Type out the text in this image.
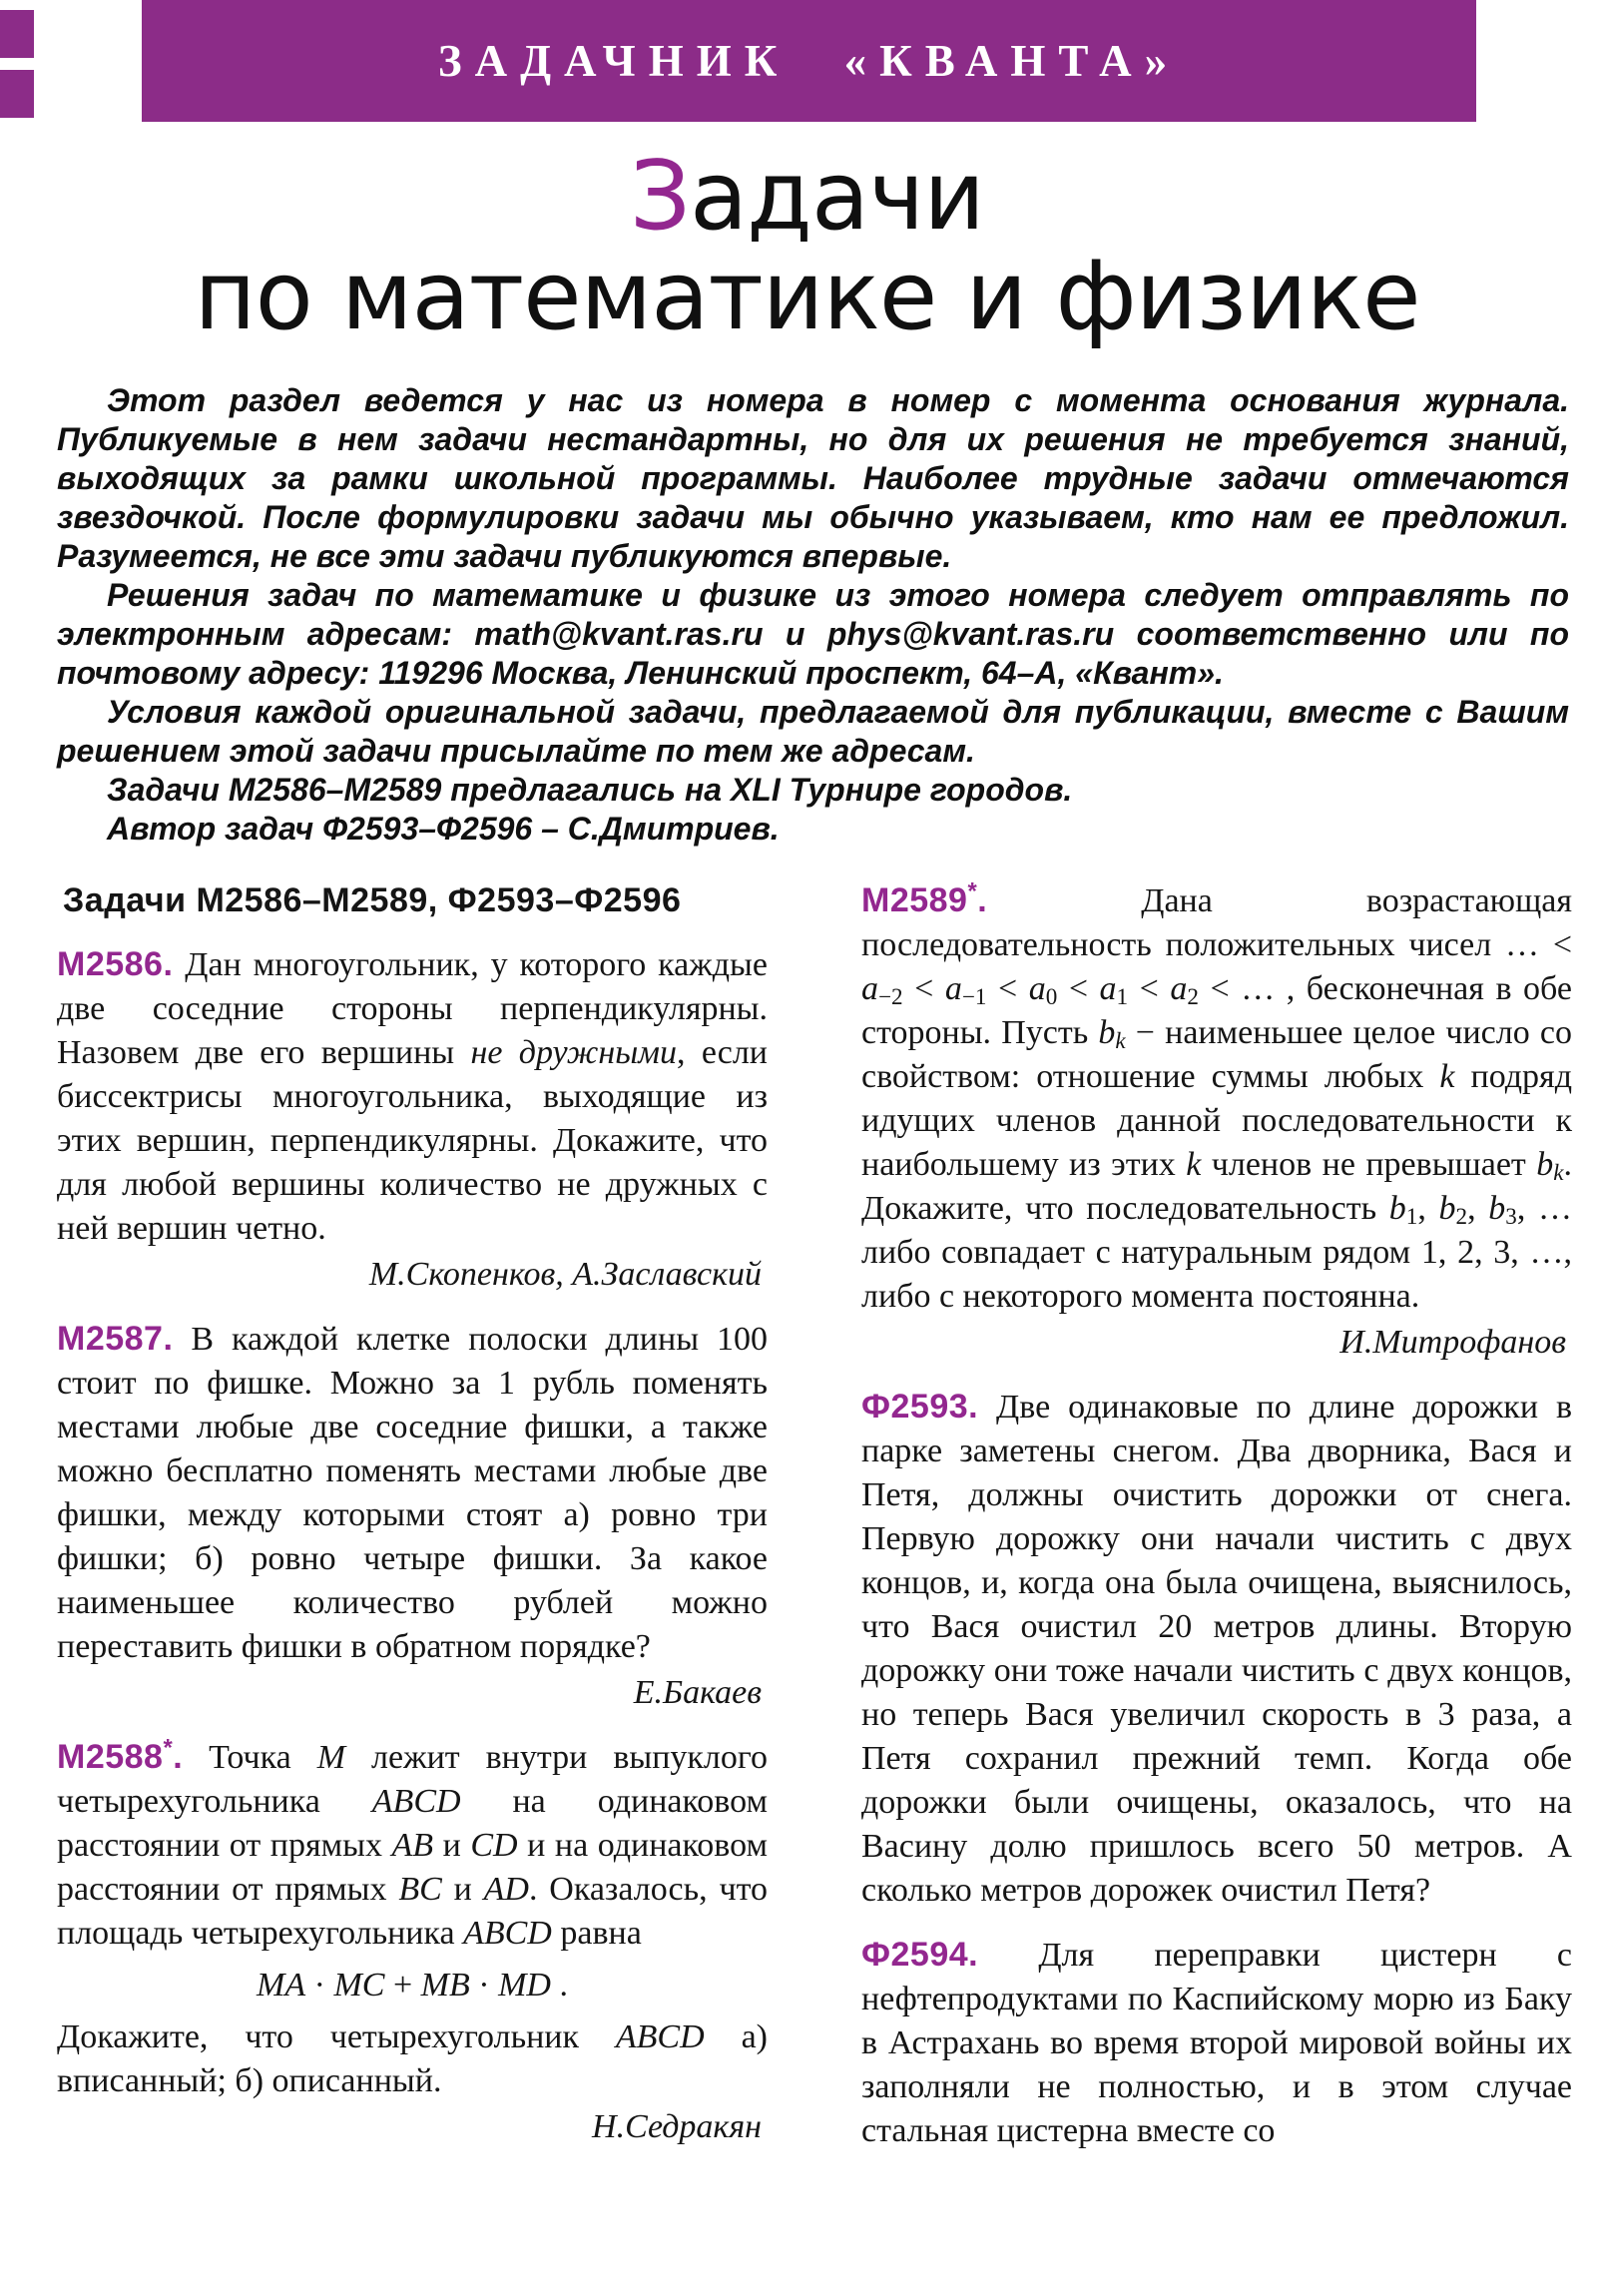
ЗАДАЧНИК «КВАНТА»
Задачи
по математике и физике

Этот раздел ведется у нас из номера в номер с момента основания журнала. Публикуемые в нем задачи нестандартны, но для их решения не требуется знаний, выходящих за рамки школьной программы. Наиболее трудные задачи отмечаются звездочкой. После формулировки задачи мы обычно указываем, кто нам ее предложил. Разумеется, не все эти задачи публикуются впервые.

Решения задач по математике и физике из этого номера следует отправлять по электронным адресам: math@kvant.ras.ru и phys@kvant.ras.ru соответственно или по почтовому адресу: 119296 Москва, Ленинский проспект, 64–А, «Квант».

Условия каждой оригинальной задачи, предлагаемой для публикации, вместе с Вашим решением этой задачи присылайте по тем же адресам.

Задачи М2586–М2589 предлагались на XLI Турнире городов.

Автор задач Ф2593–Ф2596 – С.Дмитриев.

Задачи М2586–М2589, Ф2593–Ф2596

М2586. Дан многоугольник, у которого каждые две соседние стороны перпендикулярны. Назовем две его вершины не дружными, если биссектрисы многоугольника, выходящие из этих вершин, перпендикулярны. Докажите, что для любой вершины количество не дружных с ней вершин четно.

М.Скопенков, А.Заславский

М2587. В каждой клетке полоски длины 100 стоит по фишке. Можно за 1 рубль поменять местами любые две соседние фишки, а также можно бесплатно поменять местами любые две фишки, между которыми стоят а) ровно три фишки; б) ровно четыре фишки. За какое наименьшее количество рублей можно переставить фишки в обратном порядке?

Е.Бакаев

М2588*. Точка М лежит внутри выпуклого четырехугольника ABCD на одинаковом расстоянии от прямых AB и CD и на одинаковом расстоянии от прямых BC и AD. Оказалось, что площадь четырехугольника ABCD равна

MA · MC + MB · MD .

Докажите, что четырехугольник ABCD а) вписанный; б) описанный.

Н.Седракян

М2589*. Дана возрастающая последовательность положительных чисел … < a−2 < a−1 < a0 < a1 < a2 < … , бесконечная в обе стороны. Пусть bk − наименьшее целое число со свойством: отношение суммы любых k подряд идущих членов данной последовательности к наибольшему из этих k членов не превышает bk. Докажите, что последовательность b1, b2, b3, … либо совпадает с натуральным рядом 1, 2, 3, …, либо с некоторого момента постоянна.

И.Митрофанов

Ф2593. Две одинаковые по длине дорожки в парке заметены снегом. Два дворника, Вася и Петя, должны очистить дорожки от снега. Первую дорожку они начали чистить с двух концов, и, когда она была очищена, выяснилось, что Вася очистил 20 метров длины. Вторую дорожку они тоже начали чистить с двух концов, но теперь Вася увеличил скорость в 3 раза, а Петя сохранил прежний темп. Когда обе дорожки были очищены, оказалось, что на Васину долю пришлось всего 50 метров. А сколько метров дорожек очистил Петя?

Ф2594. Для переправки цистерн с нефтепродуктами по Каспийскому морю из Баку в Астрахань во время второй мировой войны их заполняли не полностью, и в этом случае стальная цистерна вместе со
